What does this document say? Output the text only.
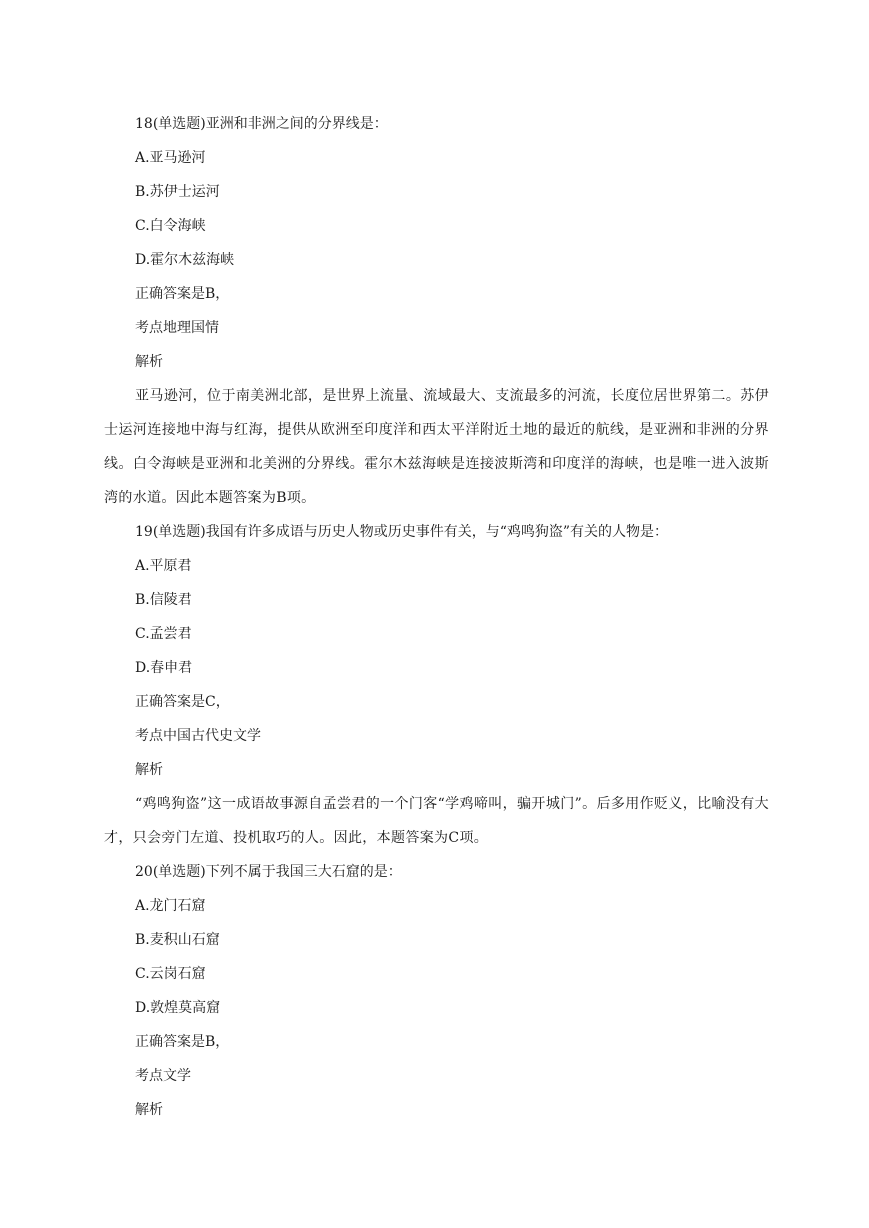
18(单选题)亚洲和非洲之间的分界线是：
A.亚马逊河
B.苏伊士运河
C.白令海峡
D.霍尔木兹海峡
正确答案是B，
考点地理国情
解析

亚马逊河，位于南美洲北部，是世界上流量、流域最大、支流最多的河流，长度位居世界第二。苏伊士运河连接地中海与红海，提供从欧洲至印度洋和西太平洋附近土地的最近的航线，是亚洲和非洲的分界线。白令海峡是亚洲和北美洲的分界线。霍尔木兹海峡是连接波斯湾和印度洋的海峡，也是唯一进入波斯湾的水道。因此本题答案为B项。

19(单选题)我国有许多成语与历史人物或历史事件有关，与“鸡鸣狗盗”有关的人物是：
A.平原君
B.信陵君
C.孟尝君
D.春申君
正确答案是C，
考点中国古代史文学
解析

“鸡鸣狗盗”这一成语故事源自孟尝君的一个门客“学鸡啼叫，骗开城门”。后多用作贬义，比喻没有大才，只会旁门左道、投机取巧的人。因此，本题答案为C项。

20(单选题)下列不属于我国三大石窟的是：
A.龙门石窟
B.麦积山石窟
C.云岗石窟
D.敦煌莫高窟
正确答案是B，
考点文学
解析
